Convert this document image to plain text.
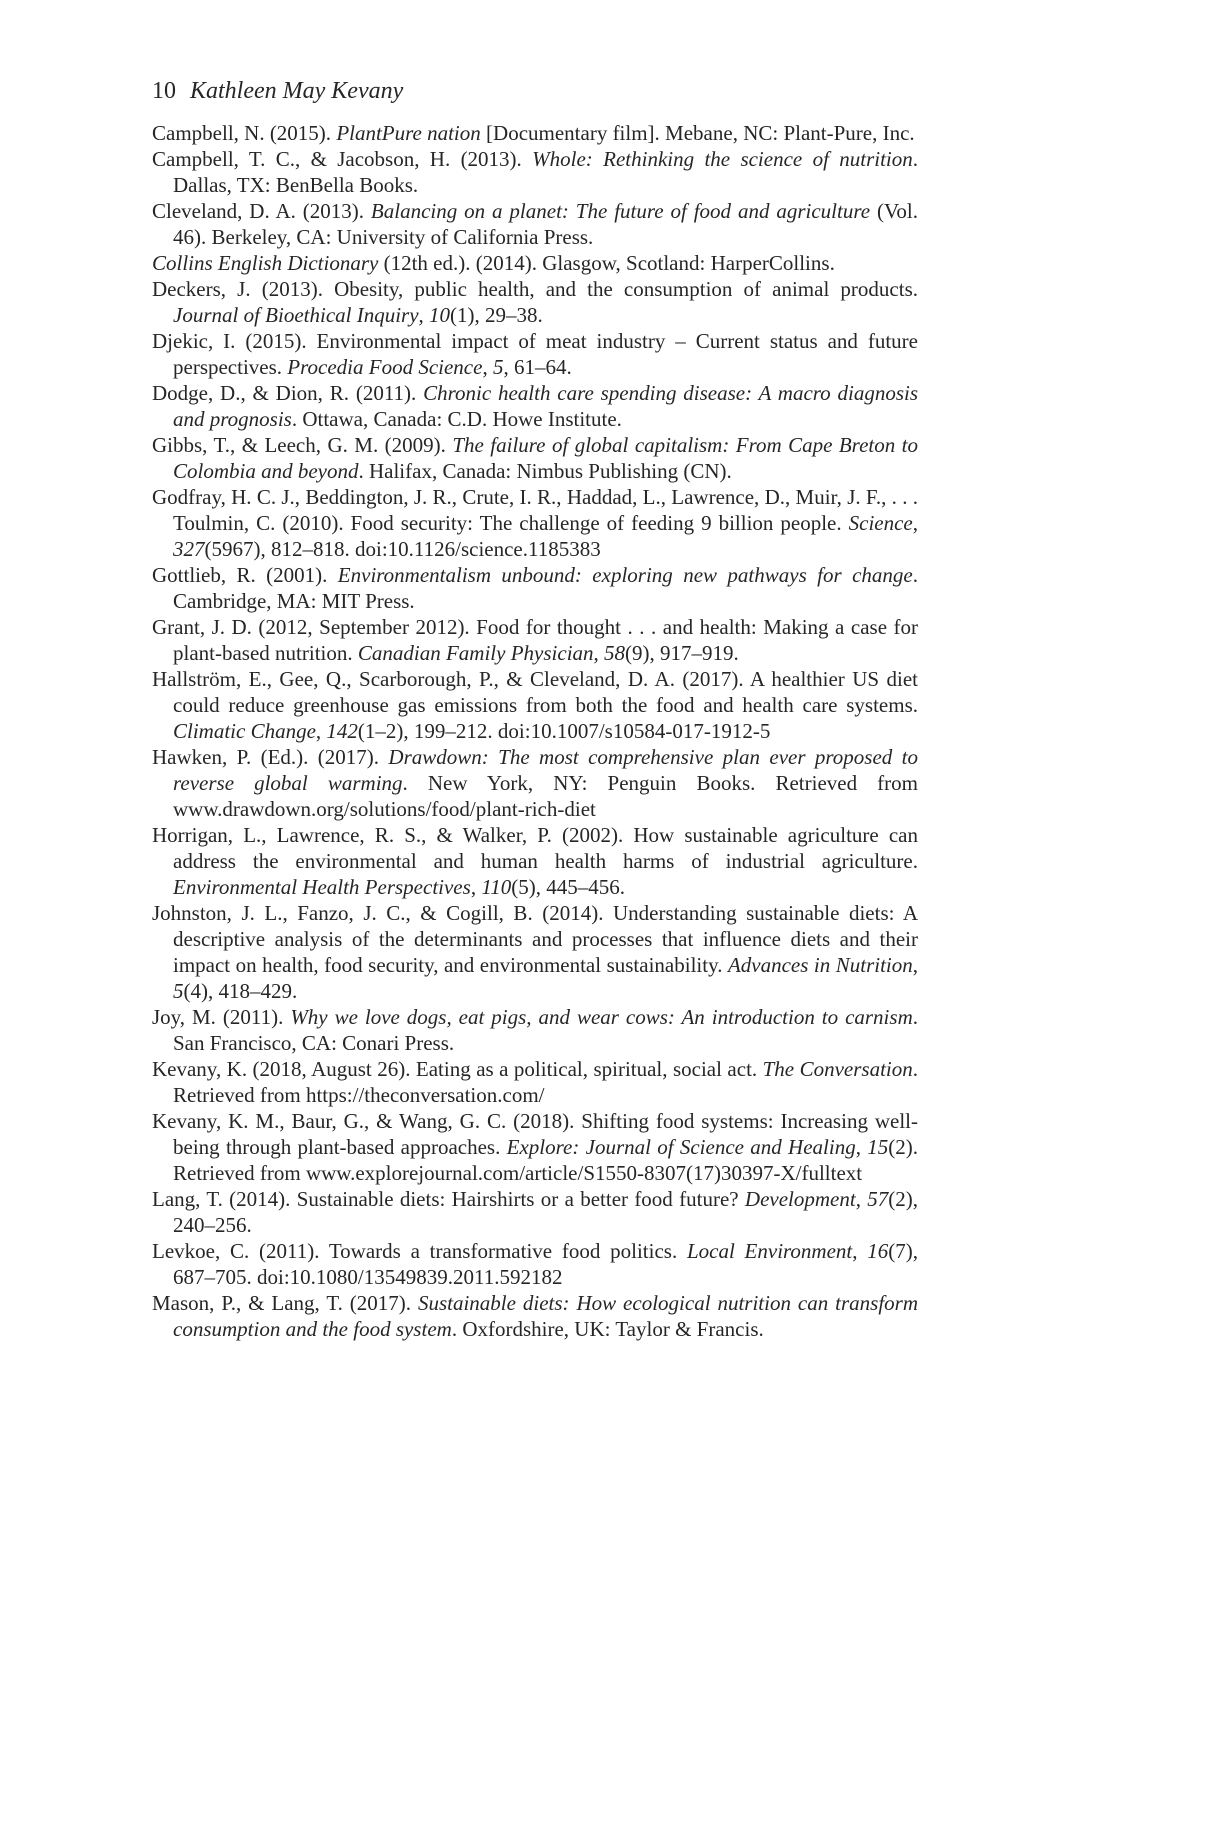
10 Kathleen May Kevany
Campbell, N. (2015). PlantPure nation [Documentary film]. Mebane, NC: Plant-Pure, Inc.
Campbell, T. C., & Jacobson, H. (2013). Whole: Rethinking the science of nutrition. Dallas, TX: BenBella Books.
Cleveland, D. A. (2013). Balancing on a planet: The future of food and agriculture (Vol. 46). Berkeley, CA: University of California Press.
Collins English Dictionary (12th ed.). (2014). Glasgow, Scotland: HarperCollins.
Deckers, J. (2013). Obesity, public health, and the consumption of animal products. Journal of Bioethical Inquiry, 10(1), 29–38.
Djekic, I. (2015). Environmental impact of meat industry – Current status and future perspectives. Procedia Food Science, 5, 61–64.
Dodge, D., & Dion, R. (2011). Chronic health care spending disease: A macro diagnosis and prognosis. Ottawa, Canada: C.D. Howe Institute.
Gibbs, T., & Leech, G. M. (2009). The failure of global capitalism: From Cape Breton to Colombia and beyond. Halifax, Canada: Nimbus Publishing (CN).
Godfray, H. C. J., Beddington, J. R., Crute, I. R., Haddad, L., Lawrence, D., Muir, J. F., . . . Toulmin, C. (2010). Food security: The challenge of feeding 9 billion people. Science, 327(5967), 812–818. doi:10.1126/science.1185383
Gottlieb, R. (2001). Environmentalism unbound: exploring new pathways for change. Cambridge, MA: MIT Press.
Grant, J. D. (2012, September 2012). Food for thought . . . and health: Making a case for plant-based nutrition. Canadian Family Physician, 58(9), 917–919.
Hallström, E., Gee, Q., Scarborough, P., & Cleveland, D. A. (2017). A healthier US diet could reduce greenhouse gas emissions from both the food and health care systems. Climatic Change, 142(1–2), 199–212. doi:10.1007/s10584-017-1912-5
Hawken, P. (Ed.). (2017). Drawdown: The most comprehensive plan ever proposed to reverse global warming. New York, NY: Penguin Books. Retrieved from www.drawdown.org/solutions/food/plant-rich-diet
Horrigan, L., Lawrence, R. S., & Walker, P. (2002). How sustainable agriculture can address the environmental and human health harms of industrial agriculture. Environmental Health Perspectives, 110(5), 445–456.
Johnston, J. L., Fanzo, J. C., & Cogill, B. (2014). Understanding sustainable diets: A descriptive analysis of the determinants and processes that influence diets and their impact on health, food security, and environmental sustainability. Advances in Nutrition, 5(4), 418–429.
Joy, M. (2011). Why we love dogs, eat pigs, and wear cows: An introduction to carnism. San Francisco, CA: Conari Press.
Kevany, K. (2018, August 26). Eating as a political, spiritual, social act. The Conversation. Retrieved from https://theconversation.com/
Kevany, K. M., Baur, G., & Wang, G. C. (2018). Shifting food systems: Increasing well-being through plant-based approaches. Explore: Journal of Science and Healing, 15(2). Retrieved from www.explorejournal.com/article/S1550-8307(17)30397-X/fulltext
Lang, T. (2014). Sustainable diets: Hairshirts or a better food future? Development, 57(2), 240–256.
Levkoe, C. (2011). Towards a transformative food politics. Local Environment, 16(7), 687–705. doi:10.1080/13549839.2011.592182
Mason, P., & Lang, T. (2017). Sustainable diets: How ecological nutrition can transform consumption and the food system. Oxfordshire, UK: Taylor & Francis.
